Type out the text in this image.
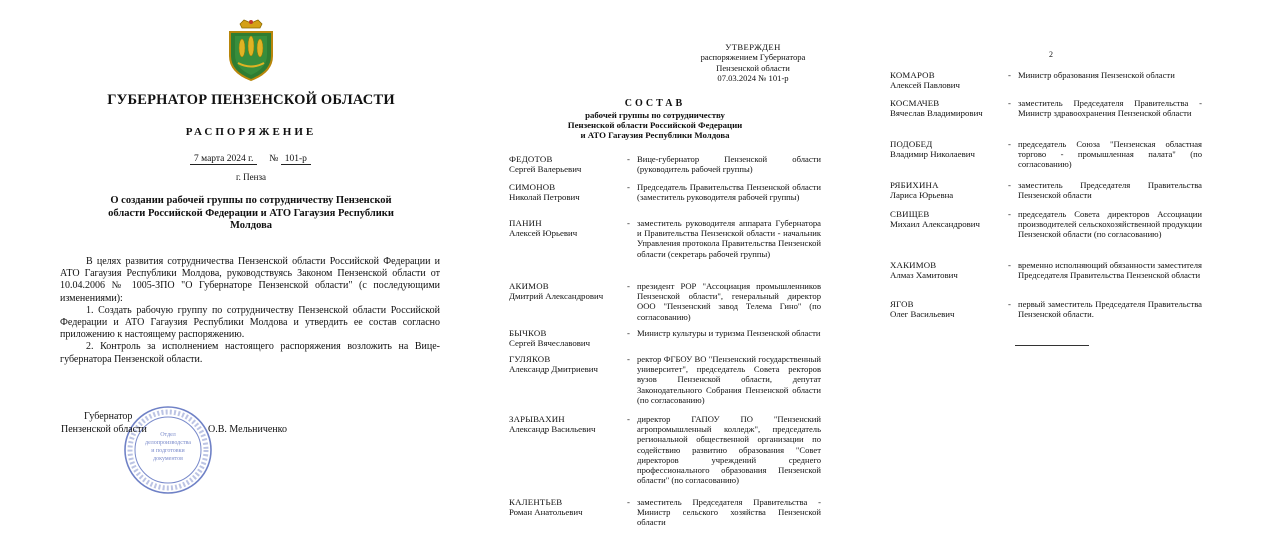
ГУБЕРНАТОР ПЕНЗЕНСКОЙ ОБЛАСТИ
РАСПОРЯЖЕНИЕ
7 марта 2024 г. № 101-р
г. Пенза
О создании рабочей группы по сотрудничеству Пензенской области Российской Федерации и АТО Гагаузия Республики Молдова

В целях развития сотрудничества Пензенской области Российской Федерации и АТО Гагаузия Республики Молдова, руководствуясь Законом Пензенской области от 10.04.2006 № 1005-ЗПО "О Губернаторе Пензенской области" (с последующими изменениями):

1. Создать рабочую группу по сотрудничеству Пензенской области Российской Федерации и АТО Гагаузия Республики Молдова и утвердить ее состав согласно приложению к настоящему распоряжению.

2. Контроль за исполнением настоящего распоряжения возложить на Вице-губернатора Пензенской области.

Отдел
делопроизводства
и подготовки
документов
Губернатор
Пензенской области	О.В. Мельниченко
УТВЕРЖДЕН
распоряжением Губернатора
Пензенской области
07.03.2024 № 101-р
СОСТАВ
рабочей группы по сотрудничеству
Пензенской области Российской Федерации
и АТО Гагаузия Республики Молдова
ФЕДОТОВ
Сергей Валерьевич
- Вице-губернатор Пензенской области (руководитель рабочей группы)
СИМОНОВ
Николай Петрович
- Председатель Правительства Пензенской области (заместитель руководителя рабочей группы)
ПАНИН
Алексей Юрьевич
- заместитель руководителя аппарата Губернатора и Правительства Пензенской области - начальник Управления протокола Правительства Пензенской области (секретарь рабочей группы)
АКИМОВ
Дмитрий Александрович
- президент РОР "Ассоциация промышленников Пензенской области", генеральный директор ООО "Пензенский завод Телема Гино" (по согласованию)
БЫЧКОВ
Сергей Вячеславович
- Министр культуры и туризма Пензенской области
ГУЛЯКОВ
Александр Дмитриевич
- ректор ФГБОУ ВО "Пензенский государственный университет", председатель Совета ректоров вузов Пензенской области, депутат Законодательного Собрания Пензенской области (по согласованию)
ЗАРЫВАХИН
Александр Васильевич
- директор ГАПОУ ПО "Пензенский агропромышленный колледж", председатель региональной общественной организации по содействию развитию образования "Совет директоров учреждений среднего профессионального образования Пензенской области" (по согласованию)
КАЛЕНТЬЕВ
Роман Анатольевич
- заместитель Председателя Правительства - Министр сельского хозяйства Пензенской области
2
КОМАРОВ
Алексей Павлович
- Министр образования Пензенской области
КОСМАЧЕВ
Вячеслав Владимирович
- заместитель Председателя Правительства - Министр здравоохранения Пензенской области
ПОДОБЕД
Владимир Николаевич
- председатель Союза "Пензенская областная торгово - промышленная палата" (по согласованию)
РЯБИХИНА
Лариса Юрьевна
- заместитель Председателя Правительства Пензенской области
СВИЩЕВ
Михаил Александрович
- председатель Совета директоров Ассоциации производителей сельскохозяйственной продукции Пензенской области (по согласованию)
ХАКИМОВ
Алмаз Хамитович
- временно исполняющий обязанности заместителя Председателя Правительства Пензенской области
ЯГОВ
Олег Васильевич
- первый заместитель Председателя Правительства Пензенской области.
